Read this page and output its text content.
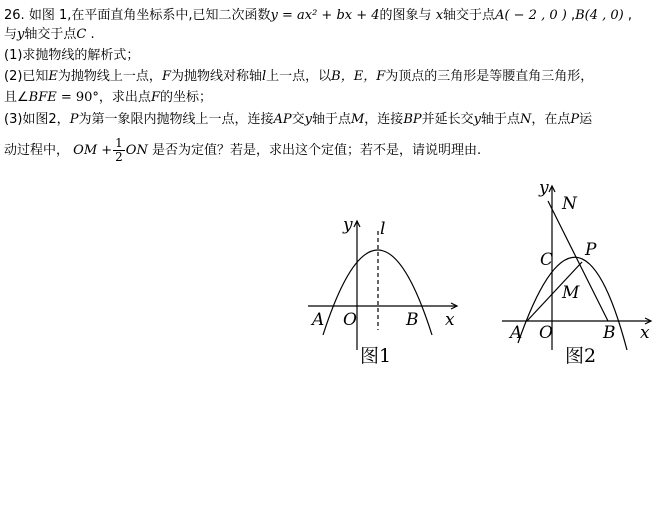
26. 如图 1,在平面直角坐标系中,已知二次函数y = ax² + bx + 4的图象与 x轴交于点A( − 2 , 0 ) ,B(4 , 0) ,
与y轴交于点C .
(1)求抛物线的解析式；
(2)已知E为抛物线上一点，F为抛物线对称轴l上一点，以B，E，F为顶点的三角形是等腰直角三角形，
且∠BFE = 90°，求出点F的坐标；
(3)如图2，P为第一象限内抛物线上一点，连接AP交y轴于点M，连接BP并延长交y轴于点N，在点P运
动过程中， OM + $\frac{1}{2}$ ON 是否为定值？若是，求出这个定值；若不是，请说明理由.
y l
A O	B x
图1
y
N
C P
M
A O	B x
图2
